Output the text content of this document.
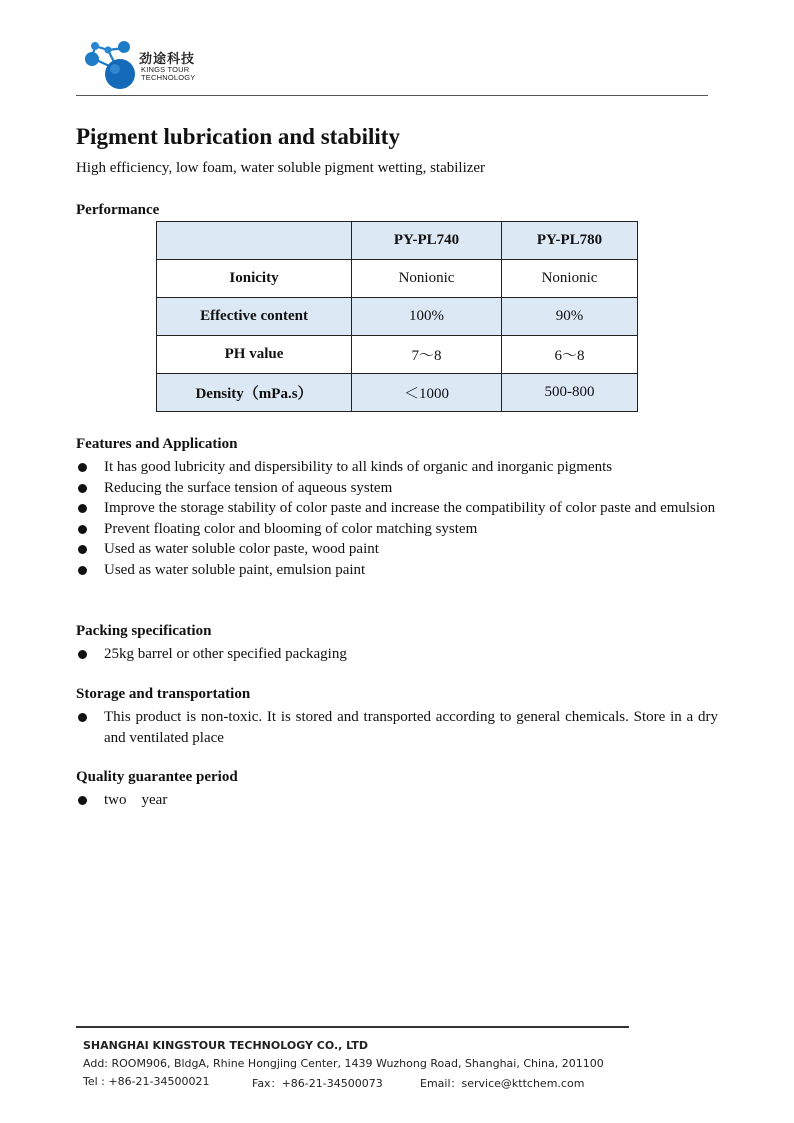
劲途科技
KINGS TOUR
TECHNOLOGY
Pigment lubrication and stability
High efficiency, low foam, water soluble pigment wetting, stabilizer
Performance
	PY-PL740	PY-PL780
Ionicity	Nonionic	Nonionic
Effective content	100%	90%
PH value	7～8	6～8
Density（mPa.s）	＜1000	500-800
Features and Application
It has good lubricity and dispersibility to all kinds of organic and inorganic pigments
Reducing the surface tension of aqueous system
Improve the storage stability of color paste and increase the compatibility of color paste and emulsion
Prevent floating color and blooming of color matching system
Used as water soluble color paste, wood paint
Used as water soluble paint, emulsion paint
Packing specification
25kg barrel or other specified packaging
Storage and transportation
This product is non-toxic. It is stored and transported according to general chemicals. Store in a dry and ventilated place
Quality guarantee period
two    year
SHANGHAI KINGSTOUR TECHNOLOGY CO., LTD
Add: ROOM906, BldgA, Rhine Hongjing Center, 1439 Wuzhong Road, Shanghai, China, 201100
Tel : +86-21-34500021	Fax：+86-21-34500073	Email：service@kttchem.com
